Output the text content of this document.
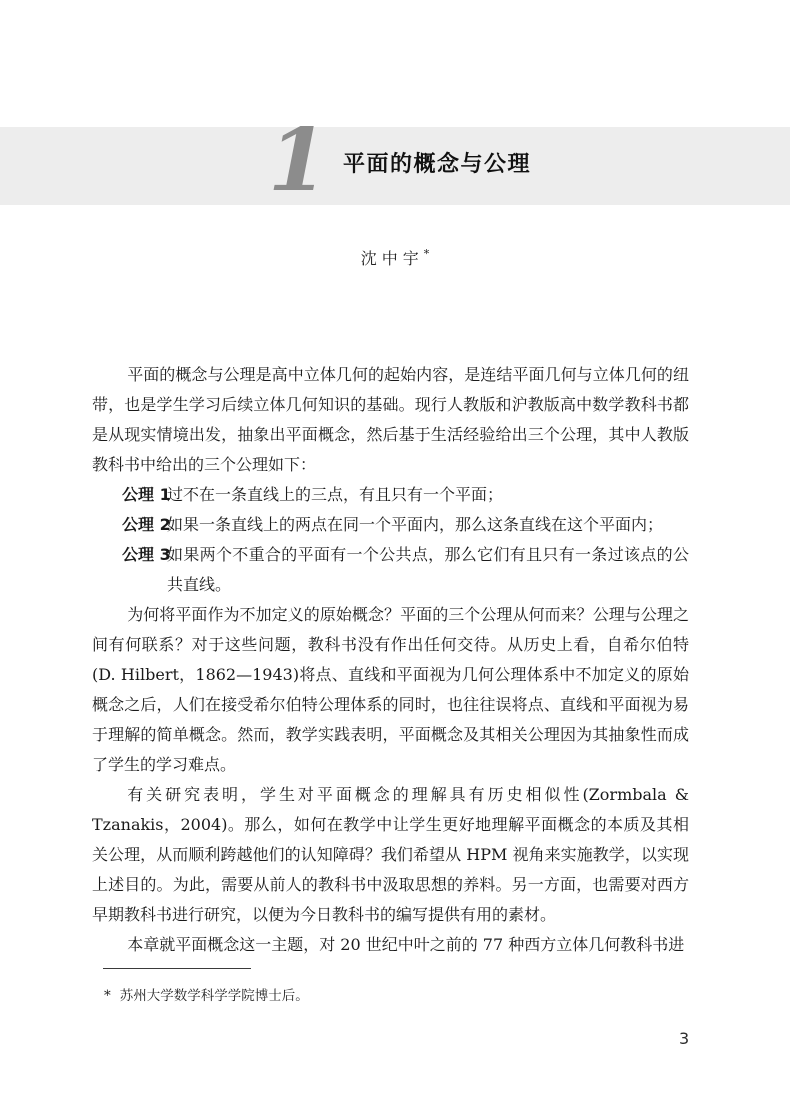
1 平面的概念与公理
沈中宇*

平面的概念与公理是高中立体几何的起始内容，是连结平面几何与立体几何的纽带，也是学生学习后续立体几何知识的基础。现行人教版和沪教版高中数学教科书都是从现实情境出发，抽象出平面概念，然后基于生活经验给出三个公理，其中人教版教科书中给出的三个公理如下：

公理 1
过不在一条直线上的三点，有且只有一个平面；
公理 2
如果一条直线上的两点在同一个平面内，那么这条直线在这个平面内；
公理 3
如果两个不重合的平面有一个公共点，那么它们有且只有一条过该点的公共直线。

为何将平面作为不加定义的原始概念？平面的三个公理从何而来？公理与公理之间有何联系？对于这些问题，教科书没有作出任何交待。从历史上看，自希尔伯特(D. Hilbert，1862—1943)将点、直线和平面视为几何公理体系中不加定义的原始概念之后，人们在接受希尔伯特公理体系的同时，也往往误将点、直线和平面视为易于理解的简单概念。然而，教学实践表明，平面概念及其相关公理因为其抽象性而成了学生的学习难点。

有关研究表明，学生对平面概念的理解具有历史相似性(Zormbala & Tzanakis，2004)。那么，如何在教学中让学生更好地理解平面概念的本质及其相关公理，从而顺利跨越他们的认知障碍？我们希望从 HPM 视角来实施教学，以实现上述目的。为此，需要从前人的教科书中汲取思想的养料。另一方面，也需要对西方早期教科书进行研究，以便为今日教科书的编写提供有用的素材。

本章就平面概念这一主题，对 20 世纪中叶之前的 77 种西方立体几何教科书进

* 苏州大学数学科学学院博士后。
3
